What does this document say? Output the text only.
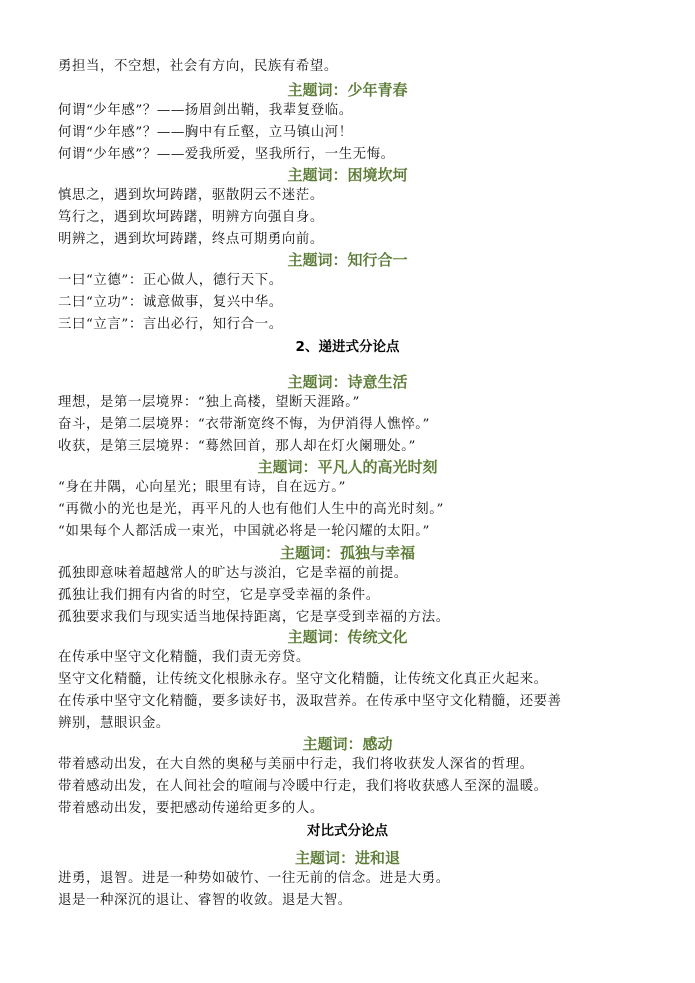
勇担当，不空想，社会有方向，民族有希望。
主题词：少年青春
何谓“少年感”？——扬眉剑出鞘，我辈复登临。
何谓“少年感”？——胸中有丘壑，立马镇山河！
何谓“少年感”？——爱我所爱，坚我所行，一生无悔。
主题词：困境坎坷
慎思之，遇到坎坷踌躇，驱散阴云不迷茫。
笃行之，遇到坎坷踌躇，明辨方向强自身。
明辨之，遇到坎坷踌躇，终点可期勇向前。
主题词：知行合一
一曰“立德”：正心做人，德行天下。
二曰“立功”：诚意做事，复兴中华。
三曰“立言”：言出必行，知行合一。
2、递进式分论点
主题词：诗意生活
理想，是第一层境界：“独上高楼，望断天涯路。”
奋斗，是第二层境界：“衣带渐宽终不悔，为伊消得人憔悴。”
收获，是第三层境界：“蓦然回首，那人却在灯火阑珊处。”
主题词：平凡人的高光时刻
“身在井隅，心向星光；眼里有诗，自在远方。”
“再微小的光也是光，再平凡的人也有他们人生中的高光时刻。”
“如果每个人都活成一束光，中国就必将是一轮闪耀的太阳。”
主题词：孤独与幸福
孤独即意味着超越常人的旷达与淡泊，它是幸福的前提。
孤独让我们拥有内省的时空，它是享受幸福的条件。
孤独要求我们与现实适当地保持距离，它是享受到幸福的方法。
主题词：传统文化
在传承中坚守文化精髓，我们责无旁贷。
坚守文化精髓，让传统文化根脉永存。坚守文化精髓，让传统文化真正火起来。
在传承中坚守文化精髓，要多读好书，汲取营养。在传承中坚守文化精髓，还要善
辨别，慧眼识金。
主题词：感动
带着感动出发，在大自然的奥秘与美丽中行走，我们将收获发人深省的哲理。
带着感动出发，在人间社会的喧闹与冷暖中行走，我们将收获感人至深的温暖。
带着感动出发，要把感动传递给更多的人。
对比式分论点
主题词：进和退
进勇，退智。进是一种势如破竹、一往无前的信念。进是大勇。
退是一种深沉的退让、睿智的收敛。退是大智。
